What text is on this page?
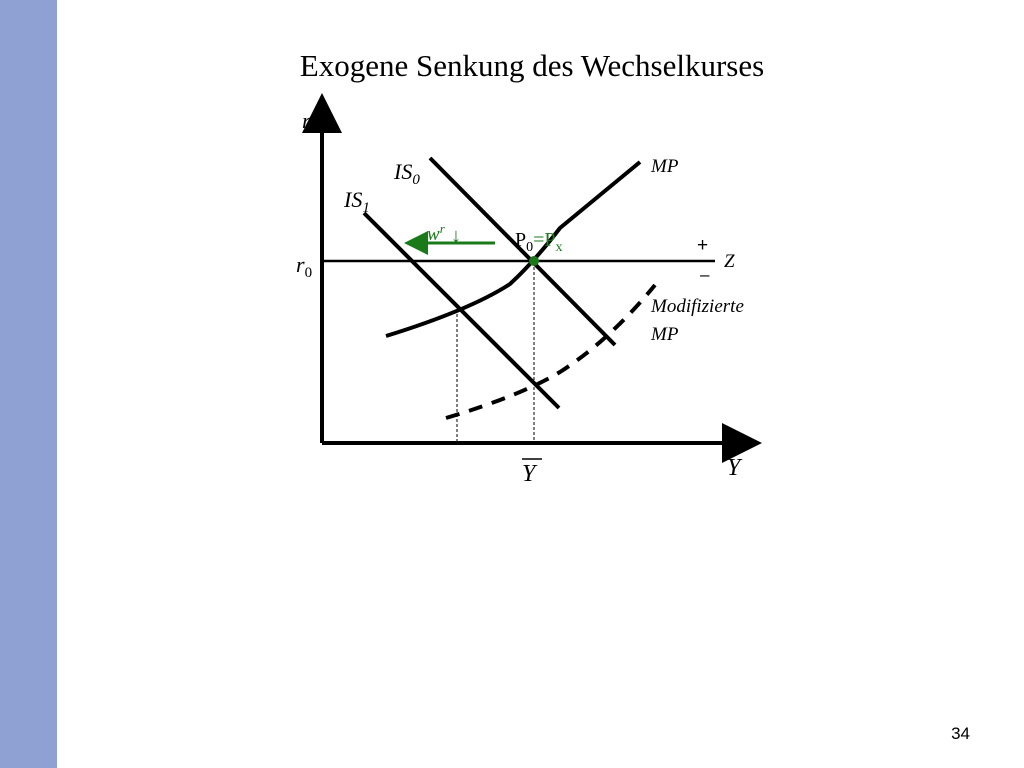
Exogene Senkung des Wechselkurses
r
Y
$r_0$
Y
$IS_0$
$IS_1$
MP
Modifizierte
MP
Z
+
–
$P_0=P_x$
$w^r$ ↓
34
